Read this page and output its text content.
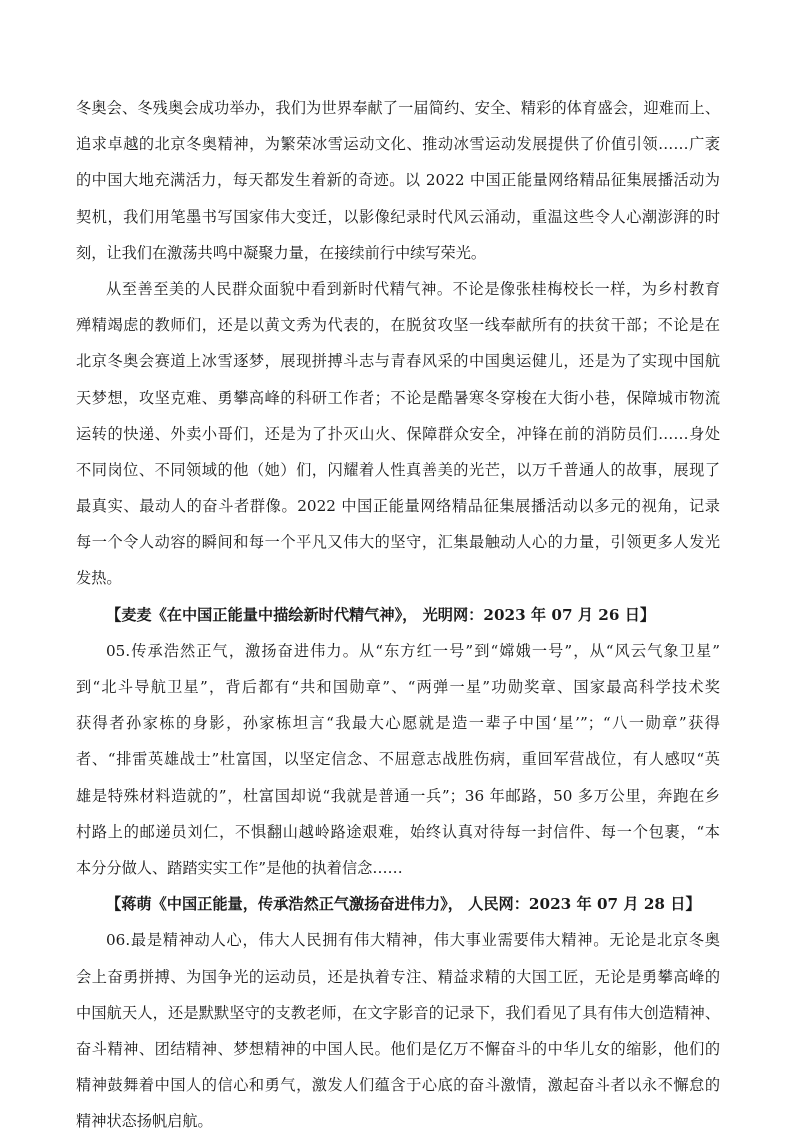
冬奥会、冬残奥会成功举办，我们为世界奉献了一届简约、安全、精彩的体育盛会，迎难而上、
追求卓越的北京冬奥精神，为繁荣冰雪运动文化、推动冰雪运动发展提供了价值引领……广袤
的中国大地充满活力，每天都发生着新的奇迹。以 2022 中国正能量网络精品征集展播活动为
契机，我们用笔墨书写国家伟大变迁，以影像纪录时代风云涌动，重温这些令人心潮澎湃的时
刻，让我们在激荡共鸣中凝聚力量，在接续前行中续写荣光。
从至善至美的人民群众面貌中看到新时代精气神。不论是像张桂梅校长一样，为乡村教育
殚精竭虑的教师们，还是以黄文秀为代表的，在脱贫攻坚一线奉献所有的扶贫干部；不论是在
北京冬奥会赛道上冰雪逐梦，展现拼搏斗志与青春风采的中国奥运健儿，还是为了实现中国航
天梦想，攻坚克难、勇攀高峰的科研工作者；不论是酷暑寒冬穿梭在大街小巷，保障城市物流
运转的快递、外卖小哥们，还是为了扑灭山火、保障群众安全，冲锋在前的消防员们……身处
不同岗位、不同领域的他（她）们，闪耀着人性真善美的光芒，以万千普通人的故事，展现了
最真实、最动人的奋斗者群像。2022 中国正能量网络精品征集展播活动以多元的视角，记录
每一个令人动容的瞬间和每一个平凡又伟大的坚守，汇集最触动人心的力量，引领更多人发光
发热。
【麦麦《在中国正能量中描绘新时代精气神》， 光明网：2023 年 07 月 26 日】
05.传承浩然正气，激扬奋进伟力。从“东方红一号”到“嫦娥一号”，从“风云气象卫星”
到“北斗导航卫星”，背后都有“共和国勋章”、“两弹一星”功勋奖章、国家最高科学技术奖
获得者孙家栋的身影，孙家栋坦言“我最大心愿就是造一辈子中国‘星’”；“八一勋章”获得
者、“排雷英雄战士”杜富国，以坚定信念、不屈意志战胜伤病，重回军营战位，有人感叹“英
雄是特殊材料造就的”，杜富国却说“我就是普通一兵”；36 年邮路，50 多万公里，奔跑在乡
村路上的邮递员刘仁，不惧翻山越岭路途艰难，始终认真对待每一封信件、每一个包裹，“本
本分分做人、踏踏实实工作”是他的执着信念……
【蒋萌《中国正能量，传承浩然正气激扬奋进伟力》， 人民网：2023 年 07 月 28 日】
06.最是精神动人心，伟大人民拥有伟大精神，伟大事业需要伟大精神。无论是北京冬奥
会上奋勇拼搏、为国争光的运动员，还是执着专注、精益求精的大国工匠，无论是勇攀高峰的
中国航天人，还是默默坚守的支教老师，在文字影音的记录下，我们看见了具有伟大创造精神、
奋斗精神、团结精神、梦想精神的中国人民。他们是亿万不懈奋斗的中华儿女的缩影，他们的
精神鼓舞着中国人的信心和勇气，激发人们蕴含于心底的奋斗激情，激起奋斗者以永不懈怠的
精神状态扬帆启航。
